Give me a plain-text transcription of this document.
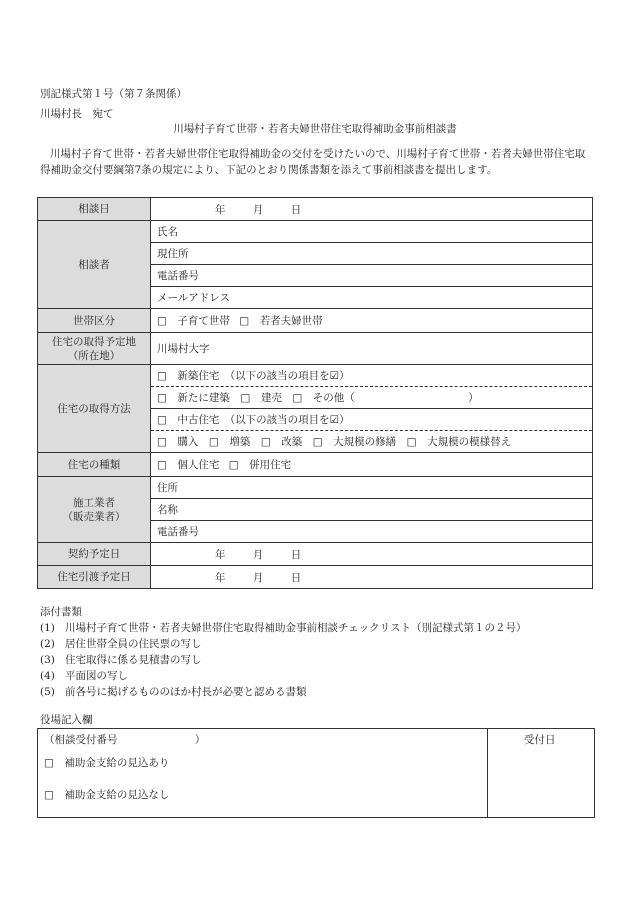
別記様式第１号（第７条関係）
川場村長　宛て
川場村子育て世帯・若者夫婦世帯住宅取得補助金事前相談書
川場村子育て世帯・若者夫婦世帯住宅取得補助金の交付を受けたいので、川場村子育て世帯・若者夫婦世帯住宅取得補助金交付要綱第7条の規定により、下記のとおり関係書類を添えて事前相談書を提出します。
相談日	年 月 日
相談者	氏名
	現住所
	電話番号
	メールアドレス
世帯区分	□　子育て世帯 □　若者夫婦世帯

住宅の取得予定地
（所在地）	川場村大字
住宅の取得方法	□　新築住宅　（以下の該当の項目を☑）
	□　新たに建築　□　建売　□　その他（ ）
	□　中古住宅　（以下の該当の項目を☑）
	□　購入　□　増築　□　改築　□　大規模の修繕　□　大規模の模様替え
住宅の種類	□　個人住宅 □　併用住宅

施工業者
（販売業者）	住所
	名称
	電話番号
契約予定日	年 月 日
住宅引渡予定日	年 月 日
添付書類
(1) 川場村子育て世帯・若者夫婦世帯住宅取得補助金事前相談チェックリスト（別記様式第１の２号）
(2) 居住世帯全員の住民票の写し
(3) 住宅取得に係る見積書の写し
(4) 平面図の写し
(5) 前各号に掲げるもののほか村長が必要と認める書類
役場記入欄
（相談受付番号	）
□　補助金支給の見込あり
□　補助金支給の見込なし
受付日
